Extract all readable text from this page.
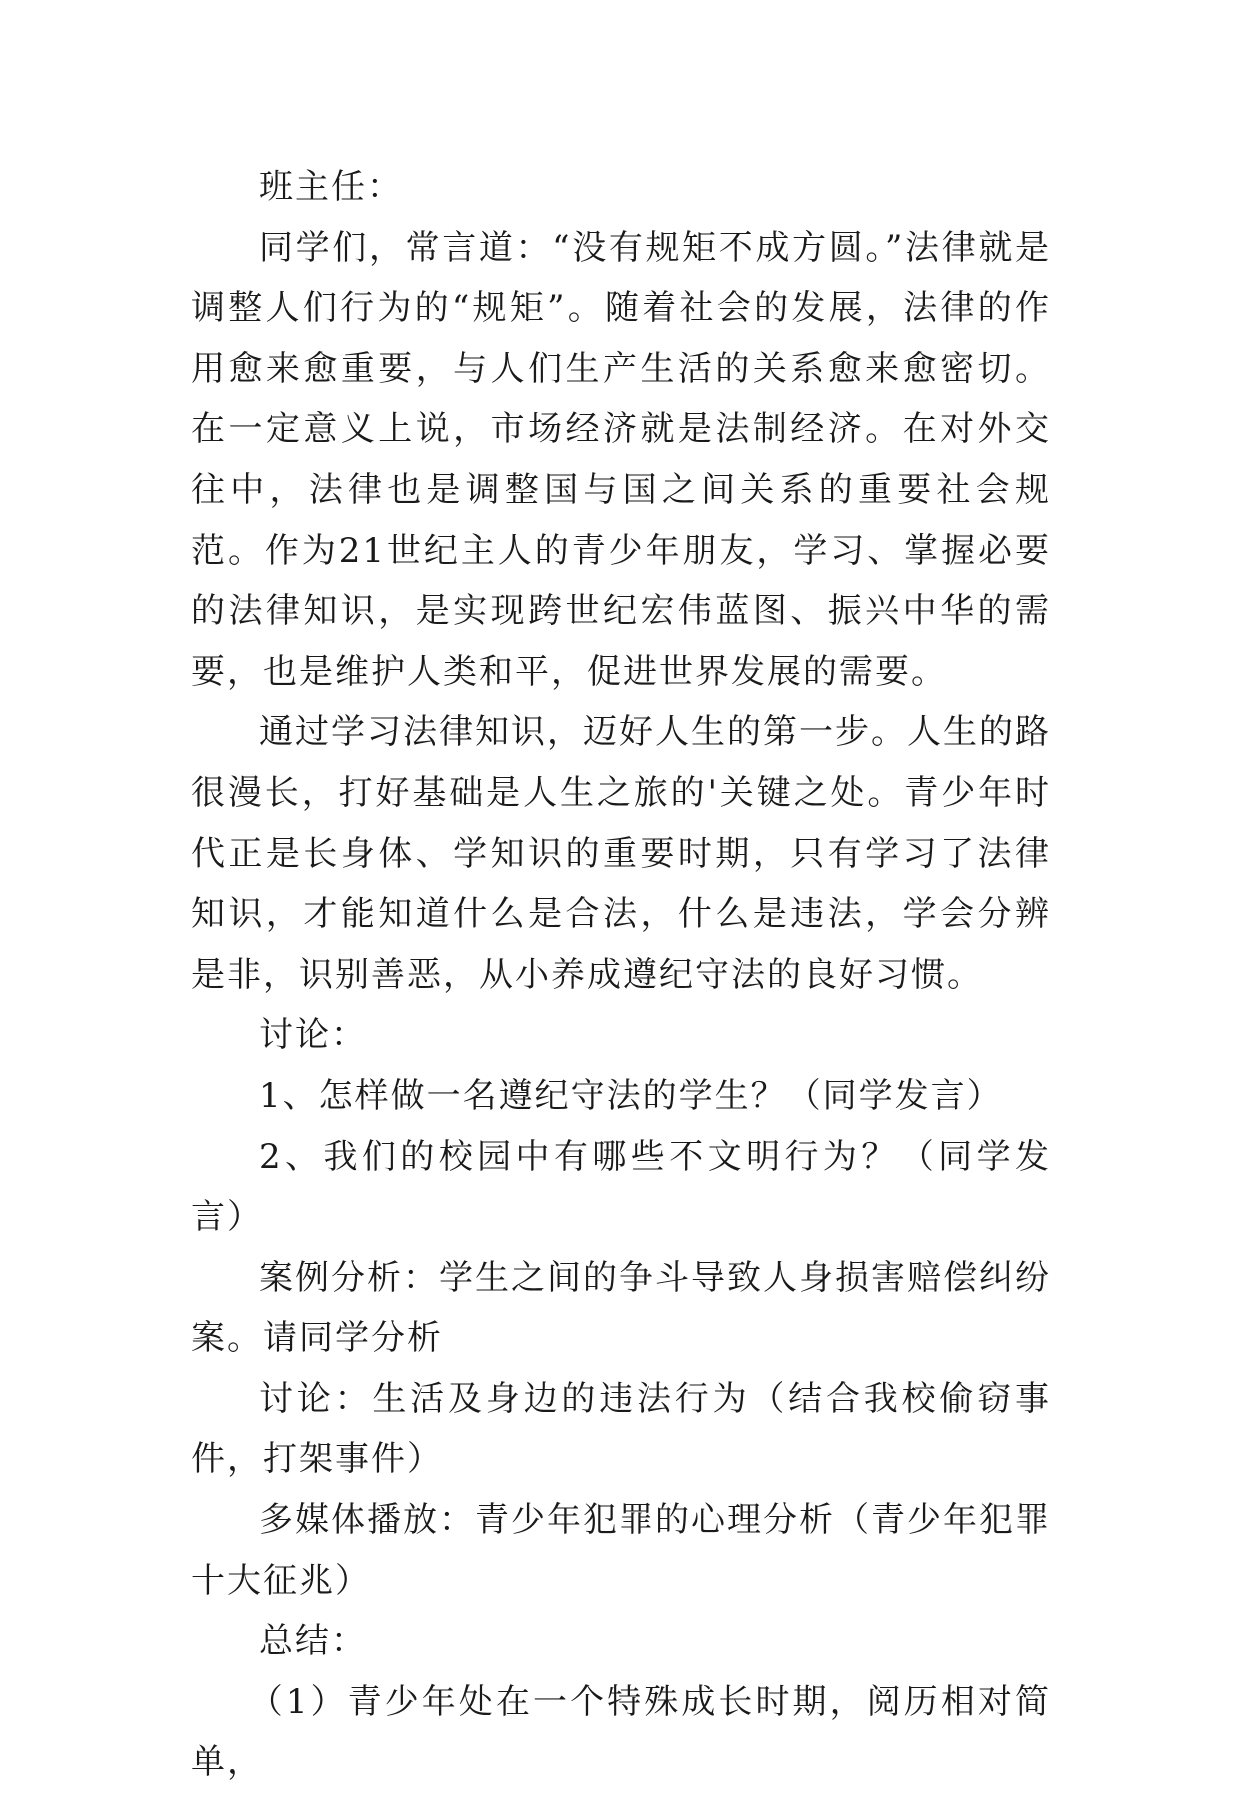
班主任：

同学们，常言道：“没有规矩不成方圆。”法律就是调整人们行为的“规矩”。随着社会的发展，法律的作用愈来愈重要，与人们生产生活的关系愈来愈密切。在一定意义上说，市场经济就是法制经济。在对外交往中，法律也是调整国与国之间关系的重要社会规范。作为21世纪主人的青少年朋友，学习、掌握必要的法律知识，是实现跨世纪宏伟蓝图、振兴中华的需要，也是维护人类和平，促进世界发展的需要。

通过学习法律知识，迈好人生的第一步。人生的路很漫长，打好基础是人生之旅的'关键之处。青少年时代正是长身体、学知识的重要时期，只有学习了法律知识，才能知道什么是合法，什么是违法，学会分辨是非，识别善恶，从小养成遵纪守法的良好习惯。

讨论：

1、怎样做一名遵纪守法的学生？（同学发言）

2、我们的校园中有哪些不文明行为？（同学发言）

案例分析：学生之间的争斗导致人身损害赔偿纠纷案。请同学分析

讨论：生活及身边的违法行为（结合我校偷窃事件，打架事件）

多媒体播放：青少年犯罪的心理分析（青少年犯罪十大征兆）

总结：

（1）青少年处在一个特殊成长时期，阅历相对简单，
